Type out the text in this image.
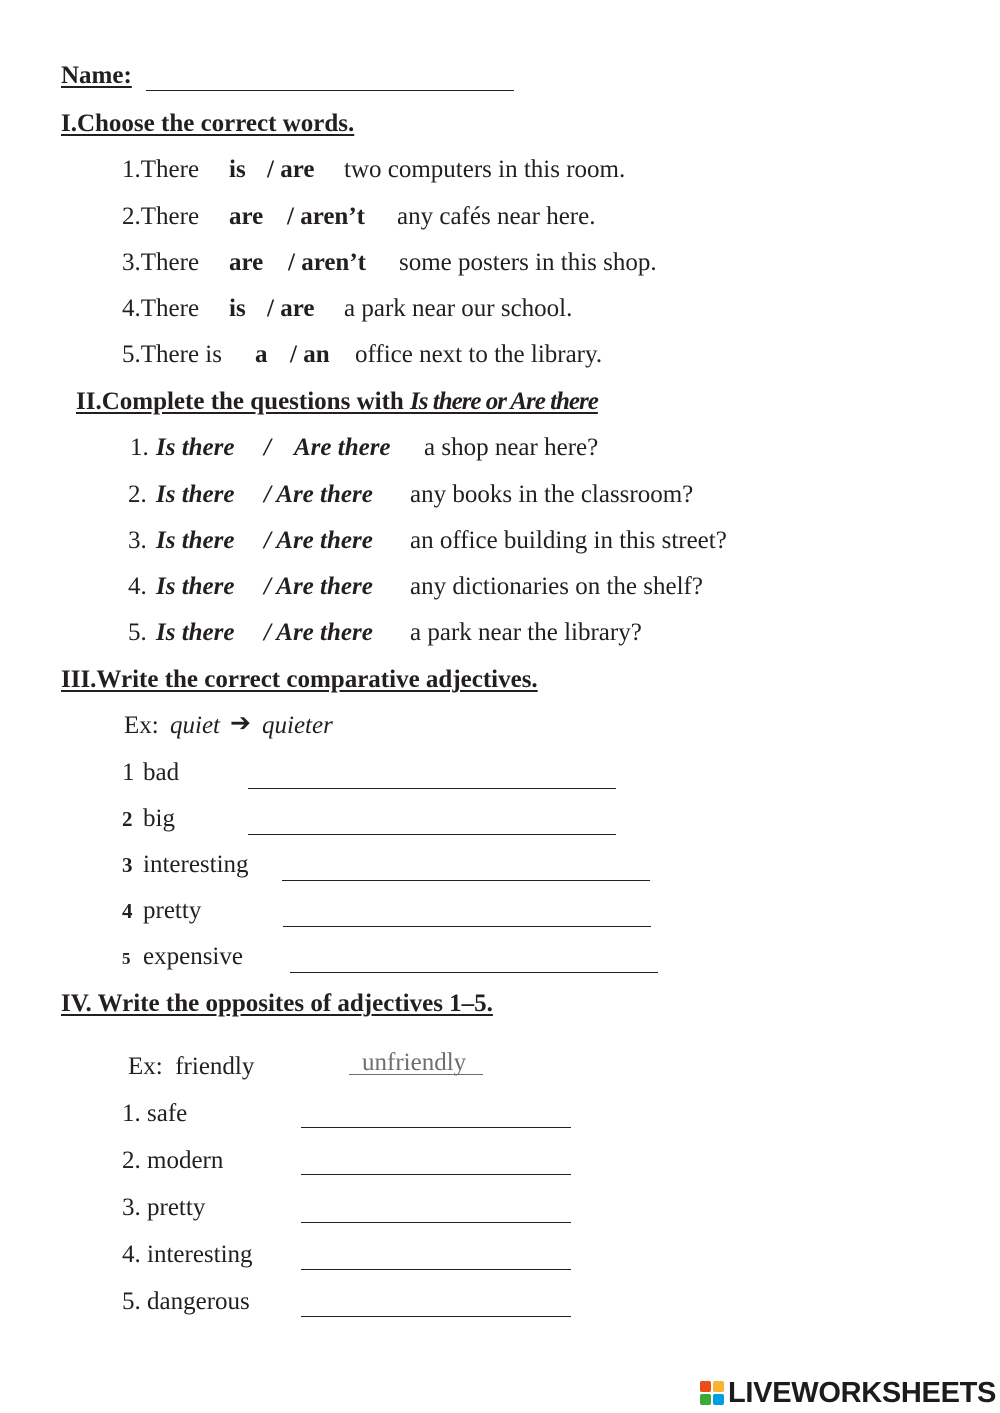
Name:
I.Choose the correct words.
1.There is / are two computers in this room.
2.There are / aren’t any cafés near here.
3.There are / aren’t some posters in this shop.
4.There is / are a park near our school.
5.There is a / an office next to the library.
II.Complete the questions with Is there or Are there
1. Is there / Are there a shop near here?
2. Is there / Are there any books in the classroom?
3. Is there / Are there an office building in this street?
4. Is there / Are there any dictionaries on the shelf?
5. Is there / Are there a park near the library?
III.Write the correct comparative adjectives.
Ex: quiet ➔ quieter
1 bad
2 big
3 interesting
4 pretty
5 expensive
IV. Write the opposites of adjectives 1–5.
Ex:  friendly	unfriendly
1. safe
2. modern
3. pretty
4. interesting
5. dangerous
LIVEWORKSHEETS
